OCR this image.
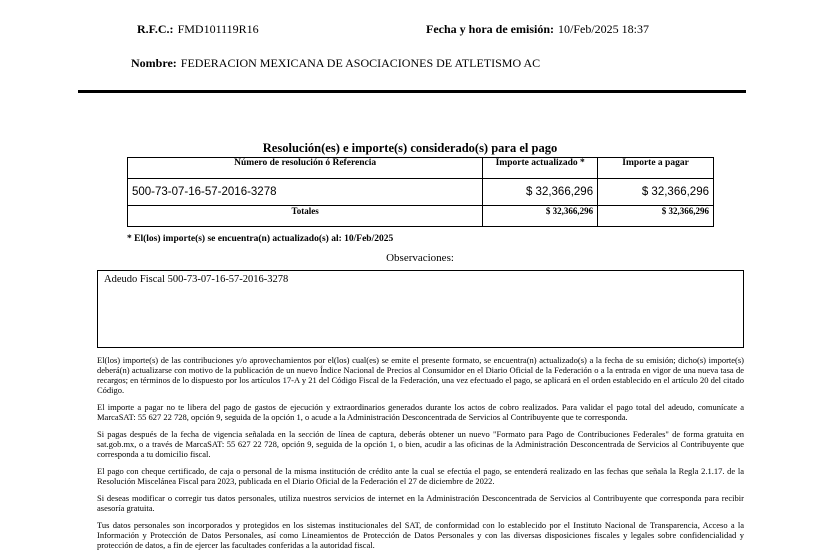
R.F.C.: FMD101119R16	Fecha y hora de emisión: 10/Feb/2025 18:37
Nombre: FEDERACION MEXICANA DE ASOCIACIONES DE ATLETISMO AC
Resolución(es) e importe(s) considerado(s) para el pago
Número de resolución ó Referencia	Importe actualizado *	Importe a pagar
500-73-07-16-57-2016-3278	$ 32,366,296	$ 32,366,296
Totales	$ 32,366,296	$ 32,366,296
* El(los) importe(s) se encuentra(n) actualizado(s) al: 10/Feb/2025
Observaciones:
Adeudo Fiscal 500-73-07-16-57-2016-3278

El(los) importe(s) de las contribuciones y/o aprovechamientos por el(los) cual(es) se emite el presente formato, se encuentra(n) actualizado(s) a la fecha de su emisión; dicho(s) importe(s) deberá(n) actualizarse con motivo de la publicación de un nuevo Índice Nacional de Precios al Consumidor en el Diario Oficial de la Federación o a la entrada en vigor de una nueva tasa de recargos; en términos de lo dispuesto por los artículos 17-A y 21 del Código Fiscal de la Federación, una vez efectuado el pago, se aplicará en el orden establecido en el artículo 20 del citado Código.

El importe a pagar no te libera del pago de gastos de ejecución y extraordinarios generados durante los actos de cobro realizados. Para validar el pago total del adeudo, comunícate a MarcaSAT: 55 627 22 728, opción 9, seguida de la opción 1, o acude a la Administración Desconcentrada de Servicios al Contribuyente que te corresponda.

Si pagas después de la fecha de vigencia señalada en la sección de línea de captura, deberás obtener un nuevo "Formato para Pago de Contribuciones Federales" de forma gratuita en sat.gob.mx, o a través de MarcaSAT: 55 627 22 728, opción 9, seguida de la opción 1, o bien, acudir a las oficinas de la Administración Desconcentrada de Servicios al Contribuyente que corresponda a tu domicilio fiscal.

El pago con cheque certificado, de caja o personal de la misma institución de crédito ante la cual se efectúa el pago, se entenderá realizado en las fechas que señala la Regla 2.1.17. de la Resolución Miscelánea Fiscal para 2023, publicada en el Diario Oficial de la Federación el 27 de diciembre de 2022.

Si deseas modificar o corregir tus datos personales, utiliza nuestros servicios de internet en la Administración Desconcentrada de Servicios al Contribuyente que corresponda para recibir asesoría gratuita.

Tus datos personales son incorporados y protegidos en los sistemas institucionales del SAT, de conformidad con lo establecido por el Instituto Nacional de Transparencia, Acceso a la Información y Protección de Datos Personales, así como Lineamientos de Protección de Datos Personales y con las diversas disposiciones fiscales y legales sobre confidencialidad y protección de datos, a fin de ejercer las facultades conferidas a la autoridad fiscal.
